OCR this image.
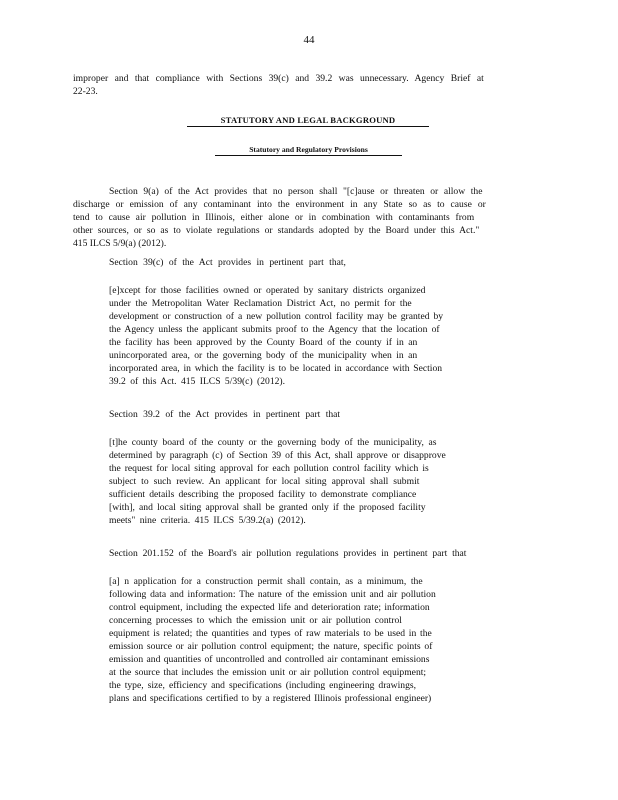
44
improper and that compliance with Sections 39(c) and 39.2 was unnecessary. Agency Brief at
22-23.
STATUTORY AND LEGAL BACKGROUND
Statutory and Regulatory Provisions
Section 9(a) of the Act provides that no person shall "[c]ause or threaten or allow the
discharge or emission of any contaminant into the environment in any State so as to cause or
tend to cause air pollution in Illinois, either alone or in combination with contaminants from
other sources, or so as to violate regulations or standards adopted by the Board under this Act."
415 ILCS 5/9(a) (2012).
Section 39(c) of the Act provides in pertinent part that,
[e]xcept for those facilities owned or operated by sanitary districts organized
under the Metropolitan Water Reclamation District Act, no permit for the
development or construction of a new pollution control facility may be granted by
the Agency unless the applicant submits proof to the Agency that the location of
the facility has been approved by the County Board of the county if in an
unincorporated area, or the governing body of the municipality when in an
incorporated area, in which the facility is to be located in accordance with Section
39.2 of this Act. 415 ILCS 5/39(c) (2012).
Section 39.2 of the Act provides in pertinent part that
[t]he county board of the county or the governing body of the municipality, as
determined by paragraph (c) of Section 39 of this Act, shall approve or disapprove
the request for local siting approval for each pollution control facility which is
subject to such review. An applicant for local siting approval shall submit
sufficient details describing the proposed facility to demonstrate compliance
[with], and local siting approval shall be granted only if the proposed facility
meets" nine criteria. 415 ILCS 5/39.2(a) (2012).
Section 201.152 of the Board's air pollution regulations provides in pertinent part that
[a] n application for a construction permit shall contain, as a minimum, the
following data and information: The nature of the emission unit and air pollution
control equipment, including the expected life and deterioration rate; information
concerning processes to which the emission unit or air pollution control
equipment is related; the quantities and types of raw materials to be used in the
emission source or air pollution control equipment; the nature, specific points of
emission and quantities of uncontrolled and controlled air contaminant emissions
at the source that includes the emission unit or air pollution control equipment;
the type, size, efficiency and specifications (including engineering drawings,
plans and specifications certified to by a registered Illinois professional engineer)
